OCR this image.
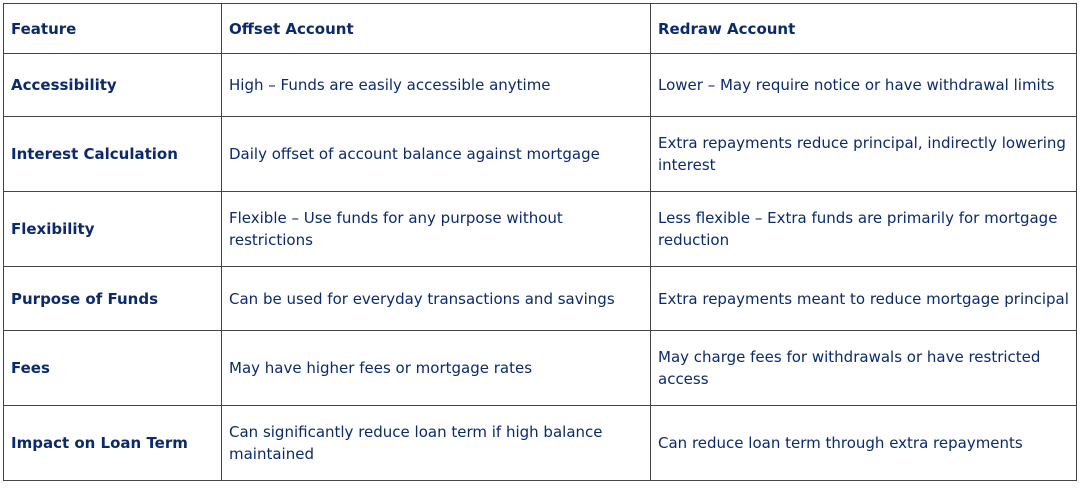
Feature	Offset Account	Redraw Account
Accessibility	High – Funds are easily accessible anytime	Lower – May require notice or have withdrawal limits
Interest Calculation	Daily offset of account balance against mortgage	Extra repayments reduce principal, indirectly lowering interest
Flexibility	Flexible – Use funds for any purpose without restrictions	Less flexible – Extra funds are primarily for mortgage reduction
Purpose of Funds	Can be used for everyday transactions and savings	Extra repayments meant to reduce mortgage principal
Fees	May have higher fees or mortgage rates	May charge fees for withdrawals or have restricted access
Impact on Loan Term	Can significantly reduce loan term if high balance maintained	Can reduce loan term through extra repayments
